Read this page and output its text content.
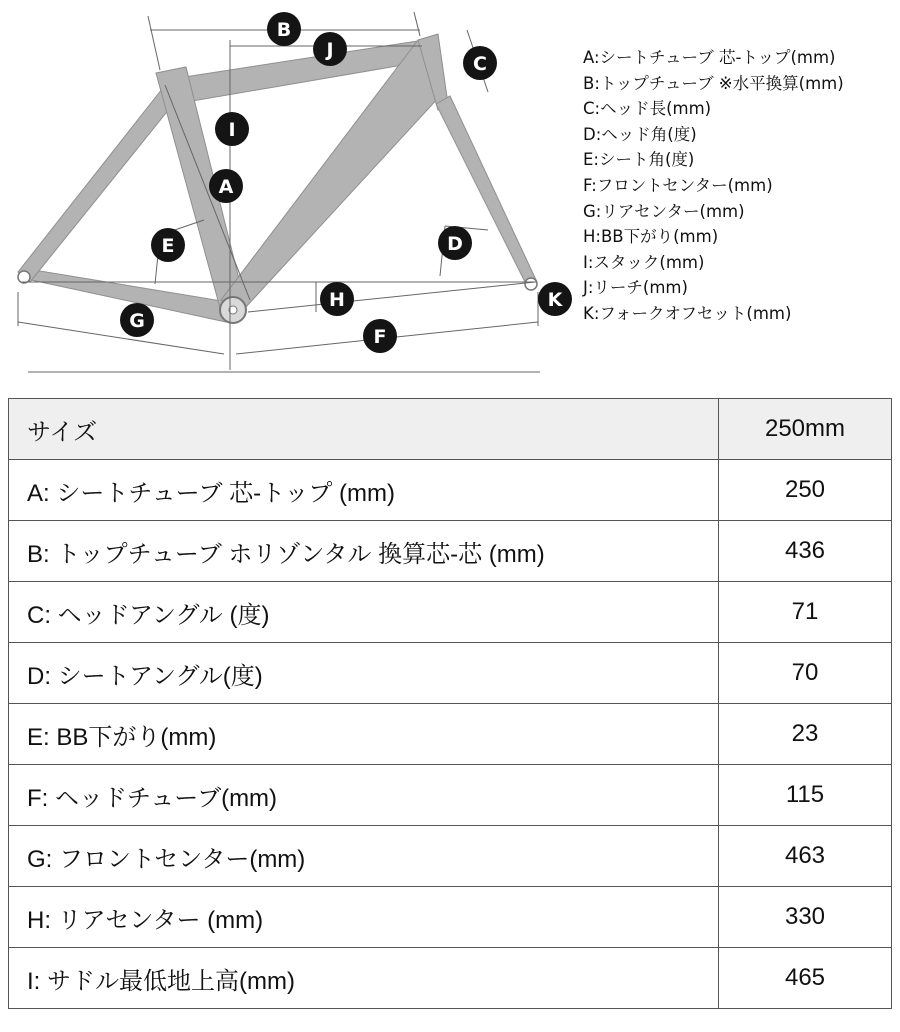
B
J
C
I
A
E	D
H	K
G
F
A:シートチューブ 芯-トップ(mm)
B:トップチューブ ※水平換算(mm)
C:ヘッド長(mm)
D:ヘッド角(度)
E:シート角(度)
F:フロントセンター(mm)
G:リアセンター(mm)
H:BB下がり(mm)
I:スタック(mm)
J:リーチ(mm)
K:フォークオフセット(mm)
サイズ	250mm
A: シートチューブ 芯-トップ (mm)	250
B: トップチューブ ホリゾンタル 換算芯-芯 (mm)	436
C: ヘッドアングル (度)	71
D: シートアングル(度)	70
E: BB下がり(mm)	23
F: ヘッドチューブ(mm)	115
G: フロントセンター(mm)	463
H: リアセンター (mm)	330
I: サドル最低地上高(mm)	465
